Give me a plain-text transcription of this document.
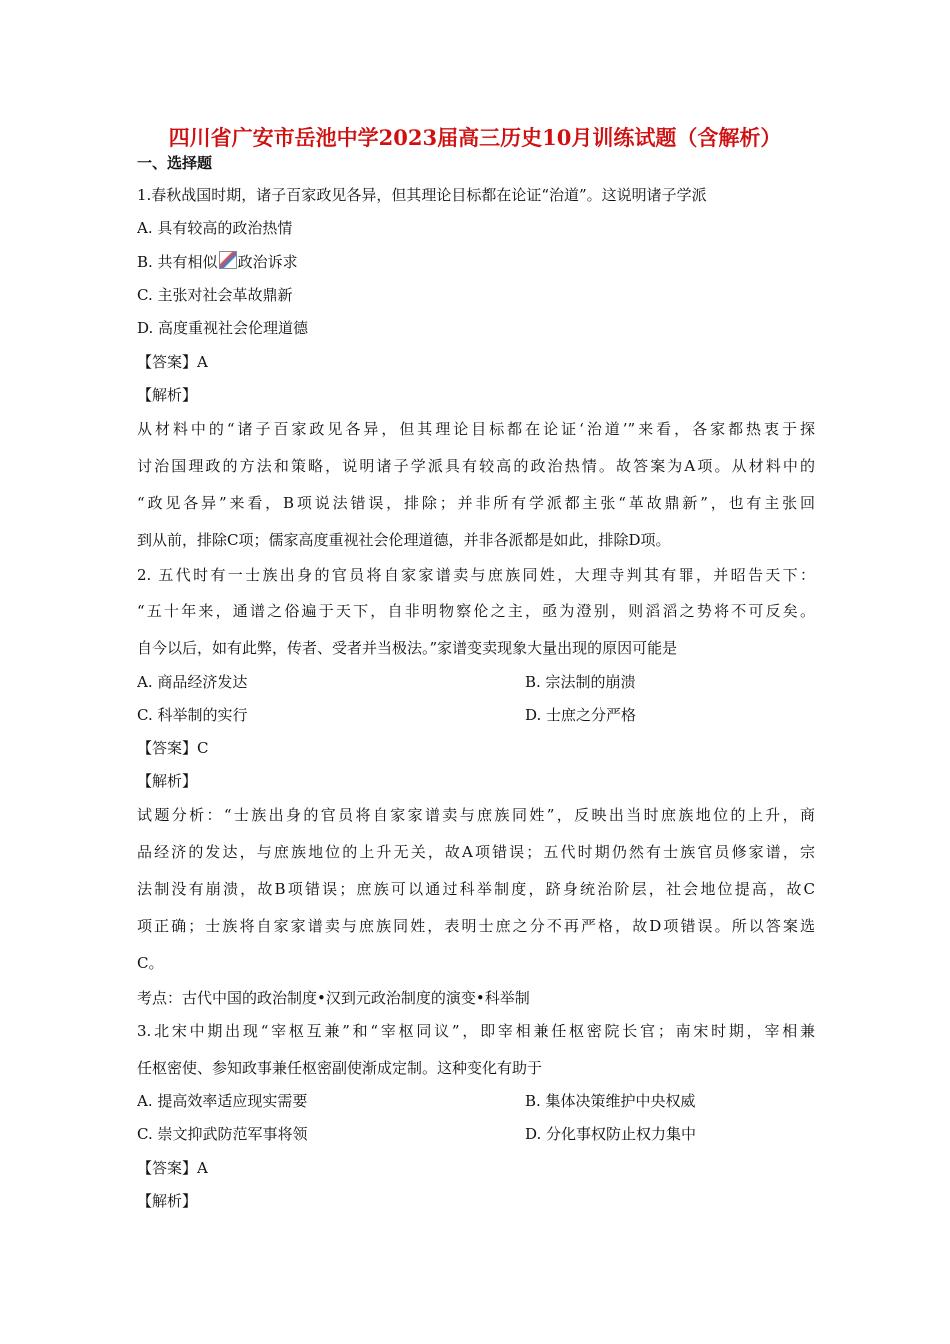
四川省广安市岳池中学2023届高三历史10月训练试题（含解析）
一、选择题
1.春秋战国时期，诸子百家政见各异，但其理论目标都在论证“治道”。这说明诸子学派
A. 具有较高的政治热情
B. 共有相似 政治诉求
C. 主张对社会革故鼎新
D. 高度重视社会伦理道德
【答案】A
【解析】
从材料中的“诸子百家政见各异，但其理论目标都在论证‘治道’”来看，各家都热衷于探
讨治国理政的方法和策略，说明诸子学派具有较高的政治热情。故答案为A项。从材料中的
“政见各异”来看，B项说法错误，排除；并非所有学派都主张“革故鼎新”，也有主张回
到从前，排除C项；儒家高度重视社会伦理道德，并非各派都是如此，排除D项。
2. 五代时有一士族出身的官员将自家家谱卖与庶族同姓，大理寺判其有罪，并昭告天下：
“五十年来，通谱之俗遍于天下，自非明物察伦之主，亟为澄别，则滔滔之势将不可反矣。
自今以后，如有此弊，传者、受者并当极法。”家谱变卖现象大量出现的原因可能是
A. 商品经济发达	B. 宗法制的崩溃
C. 科举制的实行	D. 士庶之分严格
【答案】C
【解析】
试题分析：“士族出身的官员将自家家谱卖与庶族同姓”，反映出当时庶族地位的上升，商
品经济的发达，与庶族地位的上升无关，故A项错误；五代时期仍然有士族官员修家谱，宗
法制没有崩溃，故B项错误；庶族可以通过科举制度，跻身统治阶层，社会地位提高，故C
项正确；士族将自家家谱卖与庶族同姓，表明士庶之分不再严格，故D项错误。所以答案选
C。
考点：古代中国的政治制度•汉到元政治制度的演变•科举制
3.北宋中期出现“宰枢互兼”和“宰枢同议”，即宰相兼任枢密院长官；南宋时期，宰相兼
任枢密使、参知政事兼任枢密副使渐成定制。这种变化有助于
A. 提高效率适应现实需要	B. 集体决策维护中央权威
C. 崇文抑武防范军事将领	D. 分化事权防止权力集中
【答案】A
【解析】
